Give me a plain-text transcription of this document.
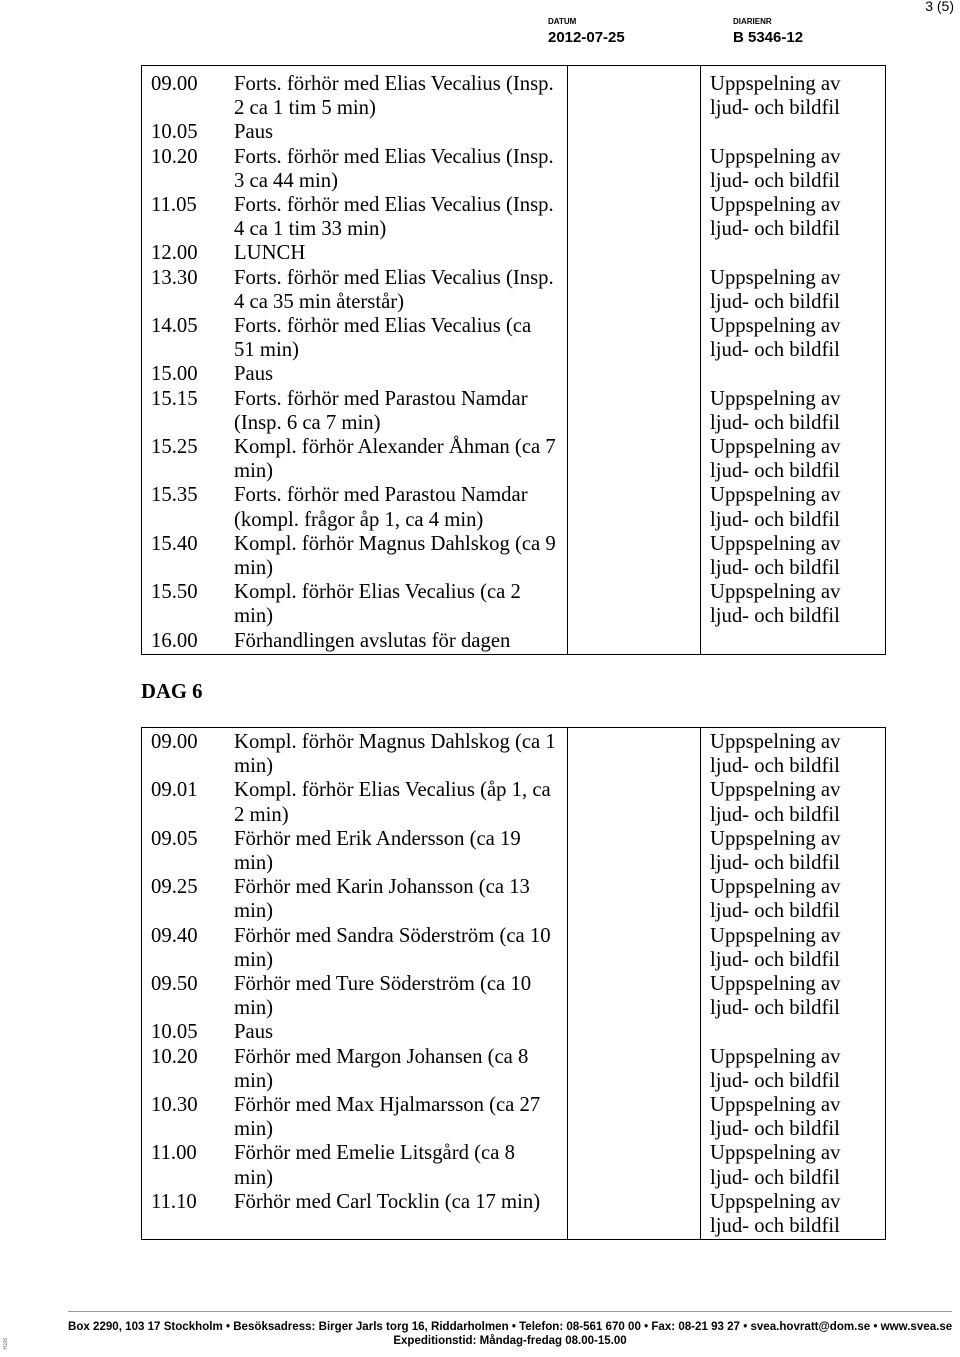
3 (5)
DATUM
2012-07-25
DIARIENR
B 5346-12
09.00	Forts. förhör med Elias Vecalius (Insp.
2 ca 1 tim 5 min)
Uppspelning av
ljud- och bildfil
10.05	Paus
10.20	Forts. förhör med Elias Vecalius (Insp.
3 ca 44 min)
Uppspelning av
ljud- och bildfil
11.05	Forts. förhör med Elias Vecalius (Insp.
4 ca 1 tim 33 min)
Uppspelning av
ljud- och bildfil
12.00	LUNCH
13.30	Forts. förhör med Elias Vecalius (Insp.
4 ca 35 min återstår)
Uppspelning av
ljud- och bildfil
14.05	Forts. förhör med Elias Vecalius (ca
51 min)
Uppspelning av
ljud- och bildfil
15.00	Paus
15.15	Forts. förhör med Parastou Namdar
(Insp. 6 ca 7 min)
Uppspelning av
ljud- och bildfil
15.25	Kompl. förhör Alexander Åhman (ca 7
min)
Uppspelning av
ljud- och bildfil
15.35	Forts. förhör med Parastou Namdar
(kompl. frågor åp 1, ca 4 min)
Uppspelning av
ljud- och bildfil
15.40	Kompl. förhör Magnus Dahlskog (ca 9
min)
Uppspelning av
ljud- och bildfil
15.50	Kompl. förhör Elias Vecalius (ca 2
min)
Uppspelning av
ljud- och bildfil
16.00	Förhandlingen avslutas för dagen
DAG 6
09.00	Kompl. förhör Magnus Dahlskog (ca 1
min)
Uppspelning av
ljud- och bildfil
09.01	Kompl. förhör Elias Vecalius (åp 1, ca
2 min)
Uppspelning av
ljud- och bildfil
09.05	Förhör med Erik Andersson (ca 19
min)
Uppspelning av
ljud- och bildfil
09.25	Förhör med Karin Johansson (ca 13
min)
Uppspelning av
ljud- och bildfil
09.40	Förhör med Sandra Söderström (ca 10
min)
Uppspelning av
ljud- och bildfil
09.50	Förhör med Ture Söderström (ca 10
min)
Uppspelning av
ljud- och bildfil
10.05	Paus
10.20	Förhör med Margon Johansen (ca 8
min)
Uppspelning av
ljud- och bildfil
10.30	Förhör med Max Hjalmarsson (ca 27
min)
Uppspelning av
ljud- och bildfil
11.00	Förhör med Emelie Litsgård (ca 8
min)
Uppspelning av
ljud- och bildfil
11.10	Förhör med Carl Tocklin (ca 17 min)	Uppspelning av
ljud- och bildfil
Box 2290, 103 17 Stockholm • Besöksadress: Birger Jarls torg 16, Riddarholmen • Telefon: 08-561 670 00 • Fax: 08-21 93 27 • svea.hovratt@dom.se • www.svea.se
Expeditionstid: Måndag-fredag 08.00-15.00
R2B
